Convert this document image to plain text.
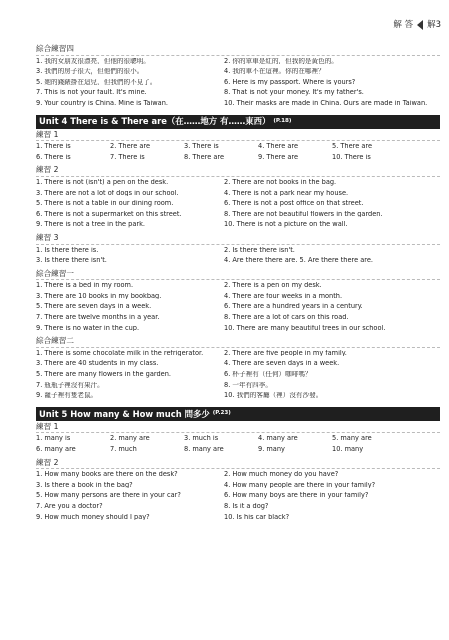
解 答 解3
綜合練習四
1. 我的女朋友很漂亮，但他的很聰明。	2. 你的單車是紅的，但我的是黃色的。
3. 我們的房子很大，但他們的很小。	4. 我的車不在這裡。你的在哪裡？
5. 她的錢錶掛在這兒，但我們的不見了。	6. Here is my passport. Where is yours?
7. This is not your fault. It's mine.	8. That is not your money. It's my father's.
9. Your country is China. Mine is Taiwan.	10. Their masks are made in China. Ours are made in Taiwan.
Unit 4 There is & There are（在……地方 有……東西） (P.18)
練習 1
1. There is	2. There are	3. There is	4. There are	5. There are
6. There is	7. There is	8. There are	9. There are	10. There is
練習 2
1. There is not (isn't) a pen on the desk.	2. There are not books in the bag.
3. There are not a lot of dogs in our school.	4. There is not a park near my house.
5. There is not a table in our dining room.	6. There is not a post office on that street.
6. There is not a supermarket on this street.	8. There are not beautiful flowers in the garden.
9. There is not a tree in the park.	10. There is not a picture on the wall.
練習 3
1. Is there there is.	2. Is there there isn't.
3. Is there there isn't.	4. Are there there are. 5. Are there there are.
綜合練習一
1. There is a bed in my room.	2. There is a pen on my desk.
3. There are 10 books in my bookbag.	4. There are four weeks in a month.
5. There are seven days in a week.	6. There are a hundred years in a century.
7. There are twelve months in a year.	8. There are a lot of cars on this road.
9. There is no water in the cup.	10. There are many beautiful trees in our school.
綜合練習二
1. There is some chocolate milk in the refrigerator.	2. There are five people in my family.
3. There are 40 students in my class.	4. There are seven days in a week.
5. There are many flowers in the garden.	6. 杯子裡有（任何）咖啡嗎？
7. 瓶瓶子裡沒有果汁。	8. 一年有四季。
9. 籠子裡有隻老鼠。	10. 我們的客廳（裡）沒有沙發。
Unit 5 How many & How much 問多少 (P.23)
練習 1
1. many is	2. many are	3. much is	4. many are	5. many are
6. many are	7. much	8. many are	9. many	10. many
練習 2
1. How many books are there on the desk?	2. How much money do you have?
3. Is there a book in the bag?	4. How many people are there in your family?
5. How many persons are there in your car?	6. How many boys are there in your family?
7. Are you a doctor?	8. Is it a dog?
9. How much money should I pay?	10. Is his car black?
